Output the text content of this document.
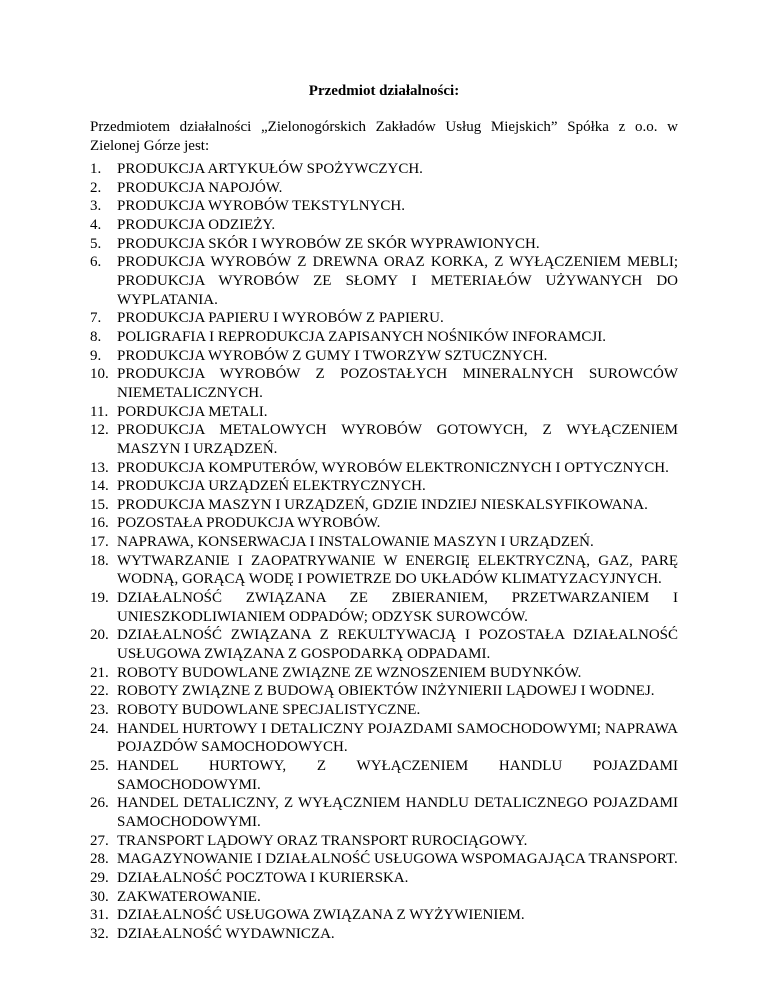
Przedmiot działalności:
Przedmiotem działalności „Zielonogórskich Zakładów Usług Miejskich” Spółka z o.o. w Zielonej Górze jest:
1.	PRODUKCJA ARTYKUŁÓW SPOŻYWCZYCH.
2.	PRODUKCJA NAPOJÓW.
3.	PRODUKCJA WYROBÓW TEKSTYLNYCH.
4.	PRODUKCJA ODZIEŻY.
5.	PRODUKCJA SKÓR I WYROBÓW ZE SKÓR WYPRAWIONYCH.
6.	PRODUKCJA WYROBÓW Z DREWNA ORAZ KORKA, Z WYŁĄCZENIEM MEBLI; PRODUKCJA WYROBÓW ZE SŁOMY I METERIAŁÓW UŻYWANYCH DO WYPLATANIA.
7.	PRODUKCJA PAPIERU I WYROBÓW Z PAPIERU.
8.	POLIGRAFIA I REPRODUKCJA ZAPISANYCH NOŚNIKÓW INFORAMCJI.
9.	PRODUKCJA WYROBÓW Z GUMY I TWORZYW SZTUCZNYCH.
10. PRODUKCJA WYROBÓW Z POZOSTAŁYCH MINERALNYCH SUROWCÓW NIEMETALICZNYCH.
11. PORDUKCJA METALI.
12. PRODUKCJA METALOWYCH WYROBÓW GOTOWYCH, Z WYŁĄCZENIEM MASZYN I URZĄDZEŃ.
13. PRODUKCJA KOMPUTERÓW, WYROBÓW ELEKTRONICZNYCH I OPTYCZNYCH.
14. PRODUKCJA URZĄDZEŃ ELEKTRYCZNYCH.
15. PRODUKCJA MASZYN I URZĄDZEŃ, GDZIE INDZIEJ NIESKALSYFIKOWANA.
16. POZOSTAŁA PRODUKCJA WYROBÓW.
17. NAPRAWA, KONSERWACJA I INSTALOWANIE MASZYN I URZĄDZEŃ.
18. WYTWARZANIE I ZAOPATRYWANIE W ENERGIĘ ELEKTRYCZNĄ, GAZ, PARĘ WODNĄ, GORĄCĄ WODĘ I POWIETRZE DO UKŁADÓW KLIMATYZACYJNYCH.
19. DZIAŁALNOŚĆ ZWIĄZANA ZE ZBIERANIEM, PRZETWARZANIEM I UNIESZKODLIWIANIEM ODPADÓW; ODZYSK SUROWCÓW.
20. DZIAŁALNOŚĆ ZWIĄZANA Z REKULTYWACJĄ I POZOSTAŁA DZIAŁALNOŚĆ USŁUGOWA ZWIĄZANA Z GOSPODARKĄ ODPADAMI.
21. ROBOTY BUDOWLANE ZWIĄZNE ZE WZNOSZENIEM BUDYNKÓW.
22. ROBOTY ZWIĄZNE Z BUDOWĄ OBIEKTÓW INŻYNIERII LĄDOWEJ I WODNEJ.
23. ROBOTY BUDOWLANE SPECJALISTYCZNE.
24. HANDEL HURTOWY I DETALICZNY POJAZDAMI SAMOCHODOWYMI; NAPRAWA POJAZDÓW SAMOCHODOWYCH.
25. HANDEL HURTOWY, Z WYŁĄCZENIEM HANDLU POJAZDAMI SAMOCHODOWYMI.
26. HANDEL DETALICZNY, Z WYŁĄCZNIEM HANDLU DETALICZNEGO POJAZDAMI SAMOCHODOWYMI.
27. TRANSPORT LĄDOWY ORAZ TRANSPORT RUROCIĄGOWY.
28. MAGAZYNOWANIE I DZIAŁALNOŚĆ USŁUGOWA WSPOMAGAJĄCA TRANSPORT.
29. DZIAŁALNOŚĆ POCZTOWA I KURIERSKA.
30. ZAKWATEROWANIE.
31. DZIAŁALNOŚĆ USŁUGOWA ZWIĄZANA Z WYŻYWIENIEM.
32. DZIAŁALNOŚĆ WYDAWNICZA.
